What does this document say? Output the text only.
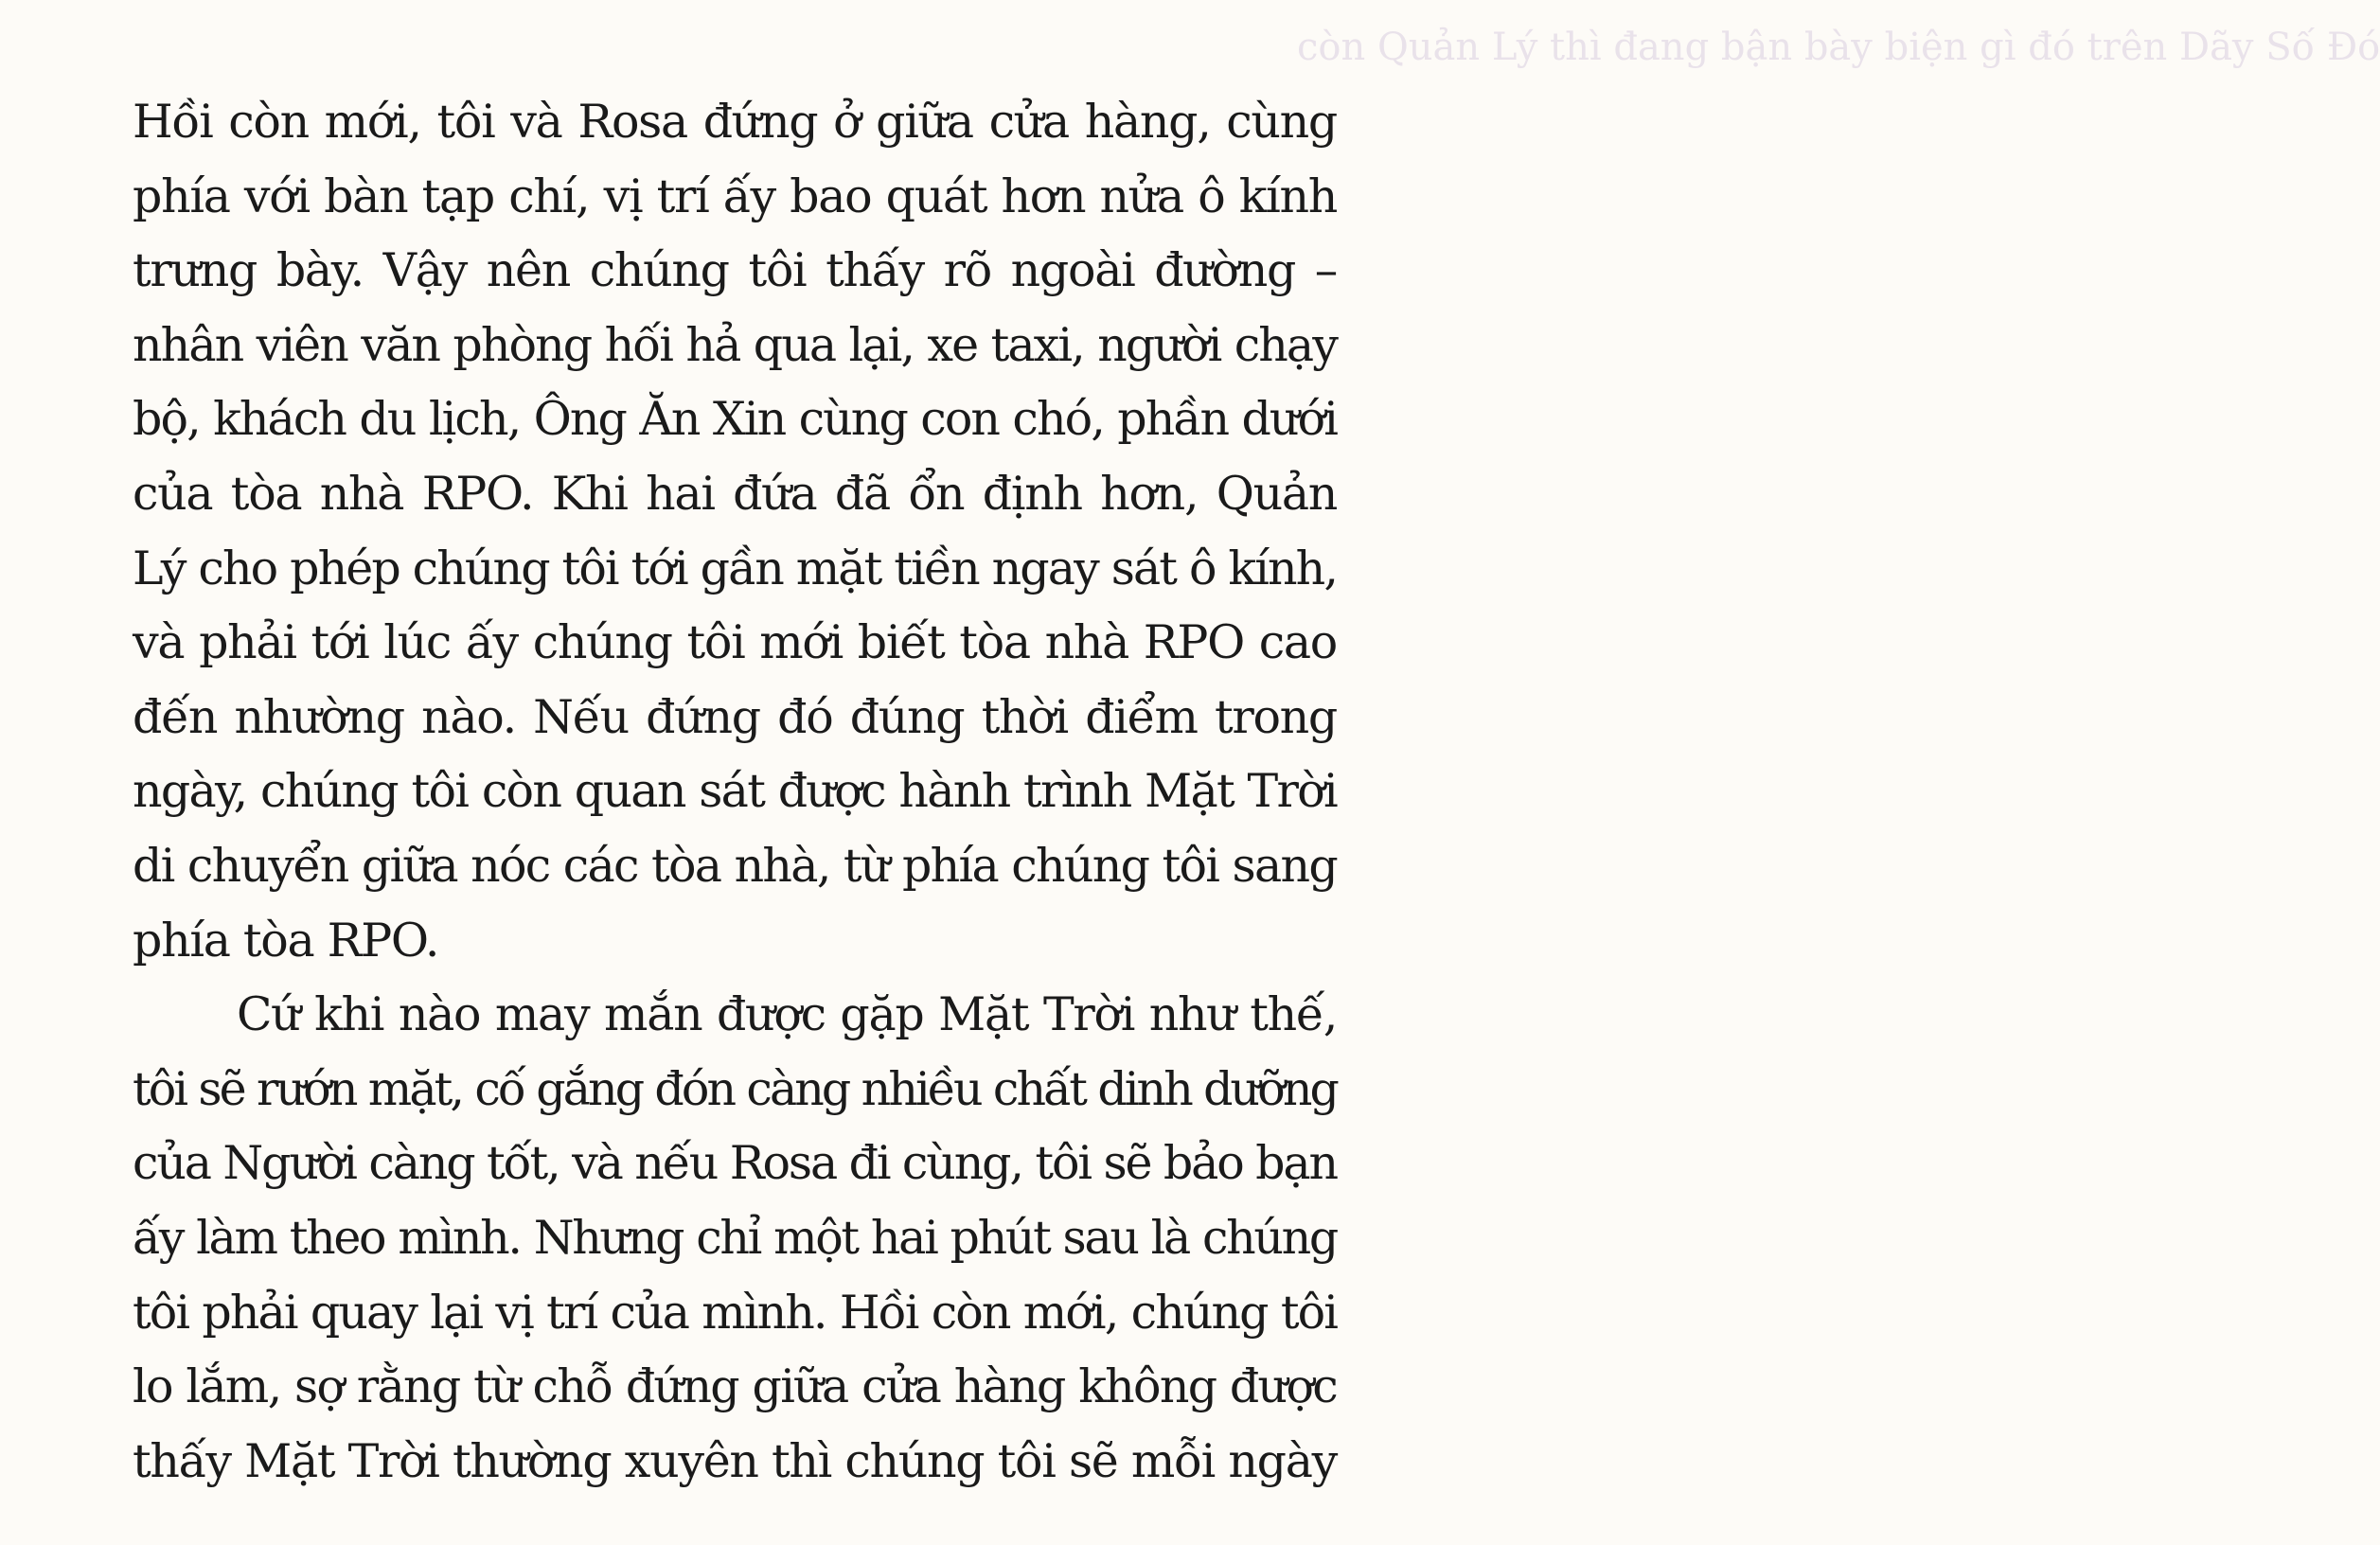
còn Quản Lý thì đang bận bày biện gì đó trên Dãy Số Đó
Hồi còn mới, tôi và Rosa đứng ở giữa cửa hàng, cùng
phía với bàn tạp chí, vị trí ấy bao quát hơn nửa ô kính
trưng bày. Vậy nên chúng tôi thấy rõ ngoài đường –
nhân viên văn phòng hối hả qua lại, xe taxi, người chạy
bộ, khách du lịch, Ông Ăn Xin cùng con chó, phần dưới
của tòa nhà RPO. Khi hai đứa đã ổn định hơn, Quản
Lý cho phép chúng tôi tới gần mặt tiền ngay sát ô kính,
và phải tới lúc ấy chúng tôi mới biết tòa nhà RPO cao
đến nhường nào. Nếu đứng đó đúng thời điểm trong
ngày, chúng tôi còn quan sát được hành trình Mặt Trời
di chuyển giữa nóc các tòa nhà, từ phía chúng tôi sang
phía tòa RPO.
Cứ khi nào may mắn được gặp Mặt Trời như thế,
tôi sẽ rướn mặt, cố gắng đón càng nhiều chất dinh dưỡng
của Người càng tốt, và nếu Rosa đi cùng, tôi sẽ bảo bạn
ấy làm theo mình. Nhưng chỉ một hai phút sau là chúng
tôi phải quay lại vị trí của mình. Hồi còn mới, chúng tôi
lo lắm, sợ rằng từ chỗ đứng giữa cửa hàng không được
thấy Mặt Trời thường xuyên thì chúng tôi sẽ mỗi ngày
